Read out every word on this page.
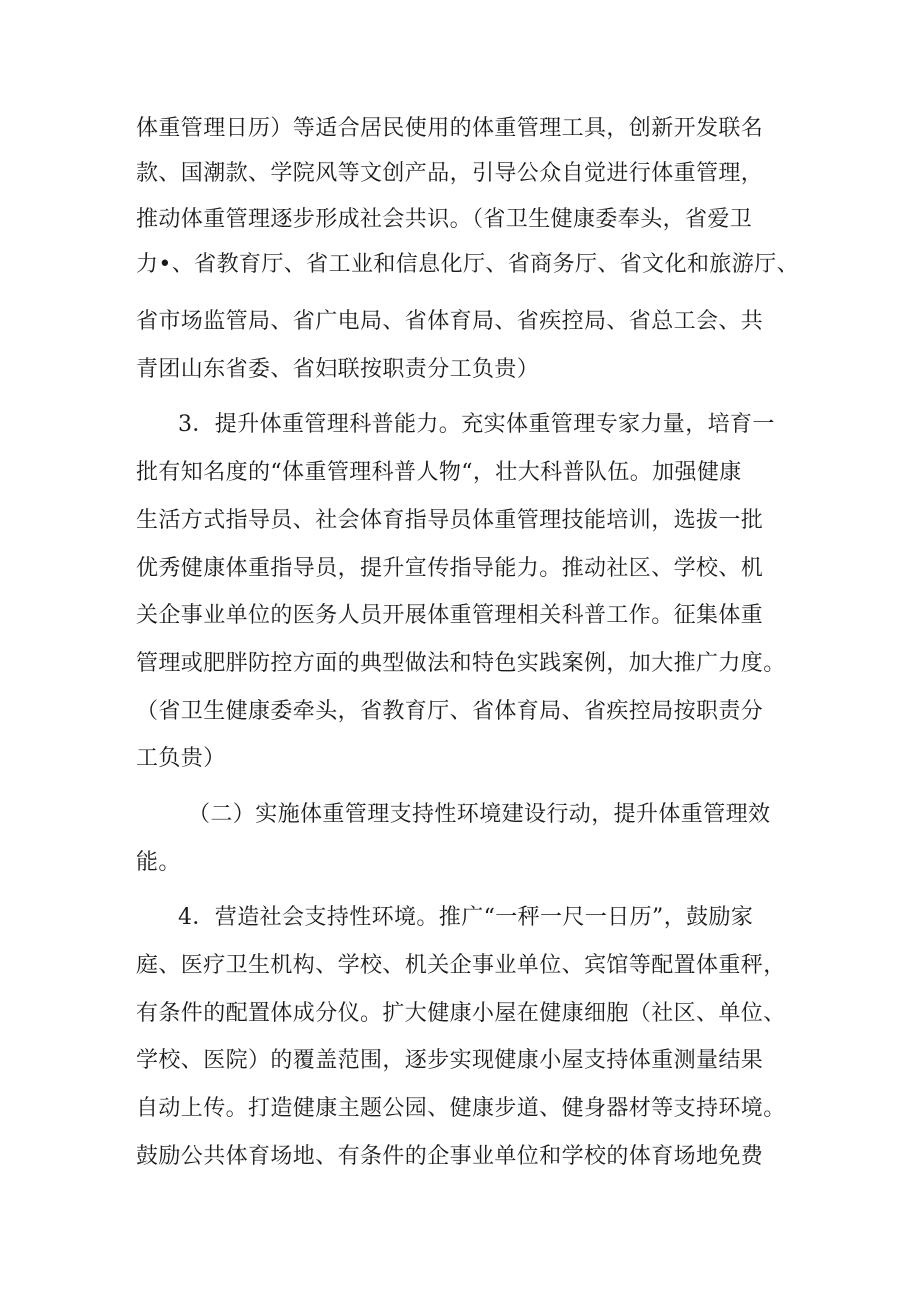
体重管理日历）等适合居民使用的体重管理工具，创新开发联名
款、国潮款、学院风等文创产品，引导公众自觉进行体重管理，
推动体重管理逐步形成社会共识。（省卫生健康委奉头，省爱卫
力•、省教育厅、省工业和信息化厅、省商务厅、省文化和旅游厅、
省市场监管局、省广电局、省体育局、省疾控局、省总工会、共
青团山东省委、省妇联按职责分工负贵）
3．提升体重管理科普能力。充实体重管理专家力量，培育一
批有知名度的“体重管理科普人物“，壮大科普队伍。加强健康
生活方式指导员、社会体育指导员体重管理技能培训，选拔一批
优秀健康体重指导员，提升宣传指导能力。推动社区、学校、机
关企事业单位的医务人员开展体重管理相关科普工作。征集体重
管理或肥胖防控方面的典型做法和特色实践案例，加大推广力度。
（省卫生健康委牵头，省教育厅、省体育局、省疾控局按职责分
工负贵）
（二）实施体重管理支持性环境建设行动，提升体重管理效
能。
4．营造社会支持性环境。推广“一秤一尺一日历”，鼓励家
庭、医疗卫生机构、学校、机关企事业单位、宾馆等配置体重秤，
有条件的配置体成分仪。扩大健康小屋在健康细胞（社区、单位、
学校、医院）的覆盖范围，逐步实现健康小屋支持体重测量结果
自动上传。打造健康主题公园、健康步道、健身器材等支持环境。
鼓励公共体育场地、有条件的企事业单位和学校的体育场地免费
